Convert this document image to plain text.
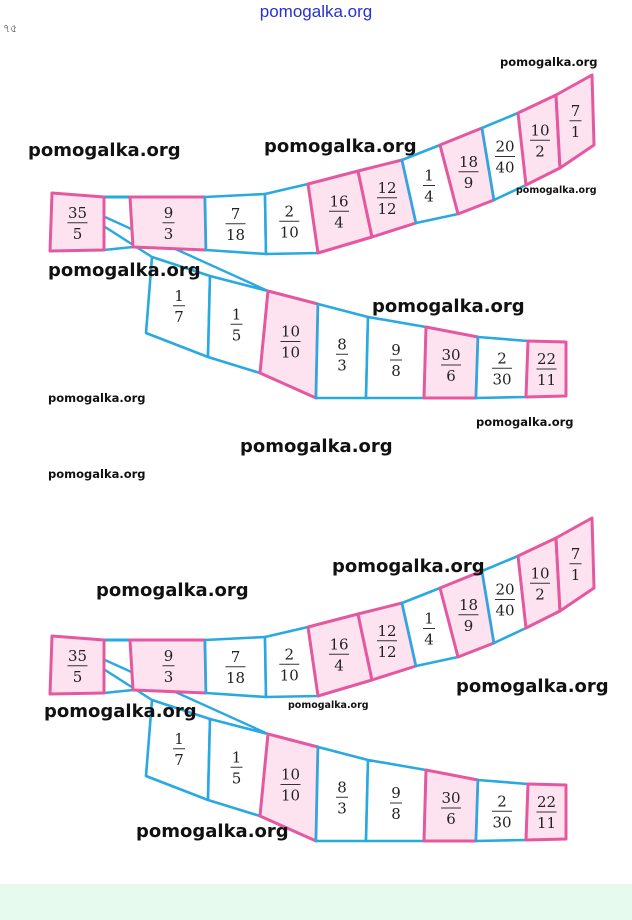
pomogalka.org
৭৫
35
5
9
3
7
18
2
10
16
4
12
12
1
4
18
9
20
40
10
2
7
1
1
7	1
5	10
10 8
3
9
8
30
6
2
30
22
11
35
5
9
3
7
18
2
10
16
4
12
12
1
4
18
9
20
40
10
2
7
1
1
7	1
5	10
10 8
3
9
8
30
6
2
30
22
11
pomogalka.org
pomogalka.org	pomogalka.org
pomogalka.org
pomogalka.org
pomogalka.org
pomogalka.org
pomogalka.org
pomogalka.org
pomogalka.org
pomogalka.org
pomogalka.org
pomogalka.org
pomogalka.org
pomogalka.org
pomogalka.org
